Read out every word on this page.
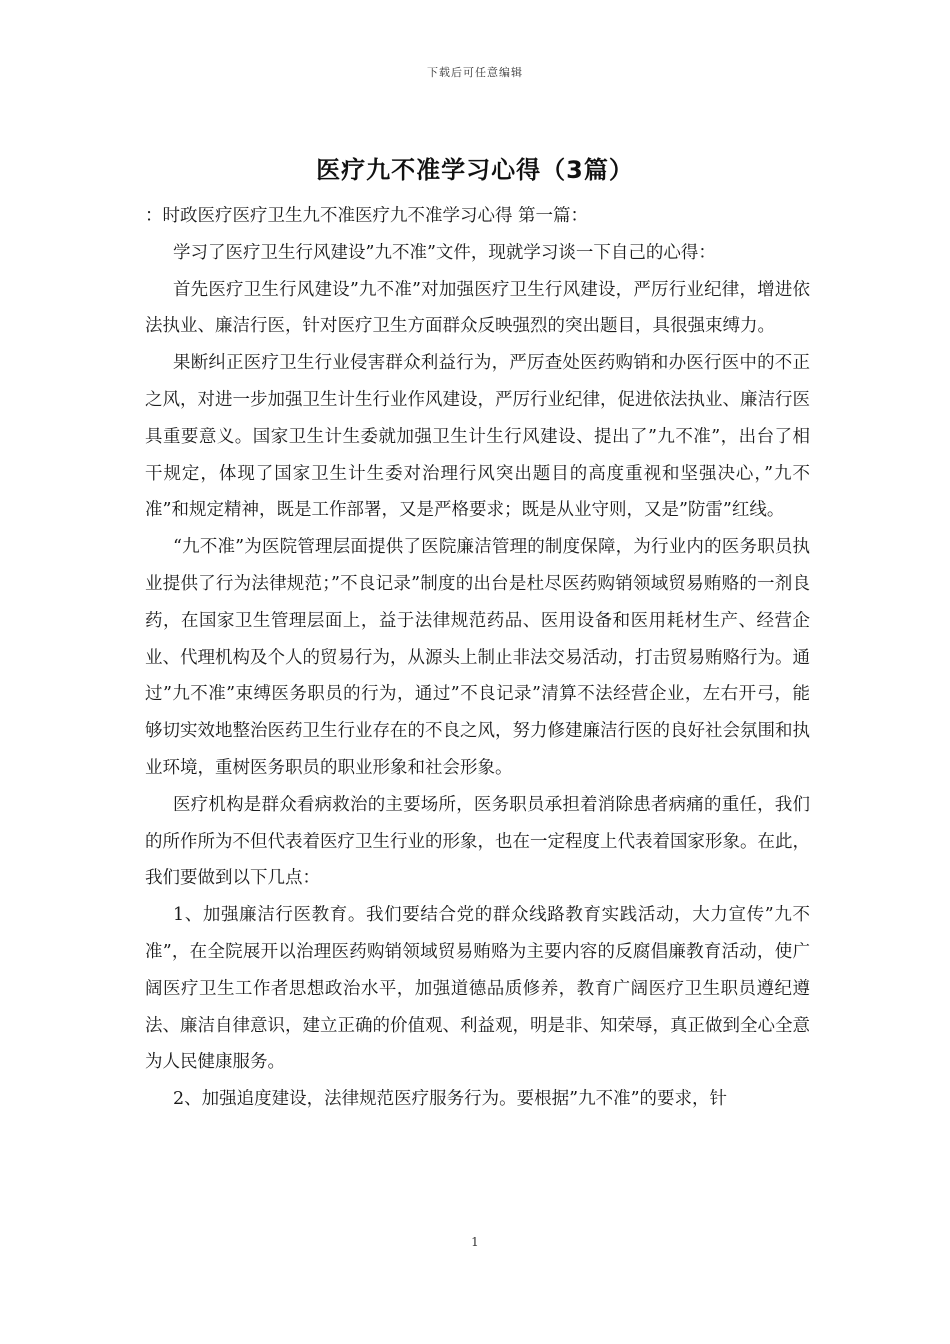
下载后可任意编辑
医疗九不准学习心得（3篇）

：时政医疗医疗卫生九不准医疗九不准学习心得 第一篇：

学习了医疗卫生行风建设”九不准”文件，现就学习谈一下自己的心得：

首先医疗卫生行风建设”九不准”对加强医疗卫生行风建设，严厉行业纪律，增进依法执业、廉洁行医，针对医疗卫生方面群众反映强烈的突出题目，具很强束缚力。

果断纠正医疗卫生行业侵害群众利益行为，严厉查处医药购销和办医行医中的不正之风，对进一步加强卫生计生行业作风建设，严厉行业纪律，促进依法执业、廉洁行医具重要意义。国家卫生计生委就加强卫生计生行风建设、提出了”九不准”，出台了相干规定，体现了国家卫生计生委对治理行风突出题目的高度重视和坚强决心，”九不准”和规定精神，既是工作部署，又是严格要求；既是从业守则，又是”防雷”红线。

“九不准”为医院管理层面提供了医院廉洁管理的制度保障，为行业内的医务职员执业提供了行为法律规范；”不良记录”制度的出台是杜尽医药购销领域贸易贿赂的一剂良药，在国家卫生管理层面上，益于法律规范药品、医用设备和医用耗材生产、经营企业、代理机构及个人的贸易行为，从源头上制止非法交易活动，打击贸易贿赂行为。通过”九不准”束缚医务职员的行为，通过”不良记录”清算不法经营企业，左右开弓，能够切实效地整治医药卫生行业存在的不良之风，努力修建廉洁行医的良好社会氛围和执业环境，重树医务职员的职业形象和社会形象。

医疗机构是群众看病救治的主要场所，医务职员承担着消除患者病痛的重任，我们的所作所为不但代表着医疗卫生行业的形象，也在一定程度上代表着国家形象。在此，我们要做到以下几点：

1、加强廉洁行医教育。我们要结合党的群众线路教育实践活动，大力宣传”九不准”，在全院展开以治理医药购销领域贸易贿赂为主要内容的反腐倡廉教育活动，使广阔医疗卫生工作者思想政治水平，加强道德品质修养，教育广阔医疗卫生职员遵纪遵法、廉洁自律意识，建立正确的价值观、利益观，明是非、知荣辱，真正做到全心全意为人民健康服务。

2、加强追度建设，法律规范医疗服务行为。要根据”九不准”的要求，针

1
